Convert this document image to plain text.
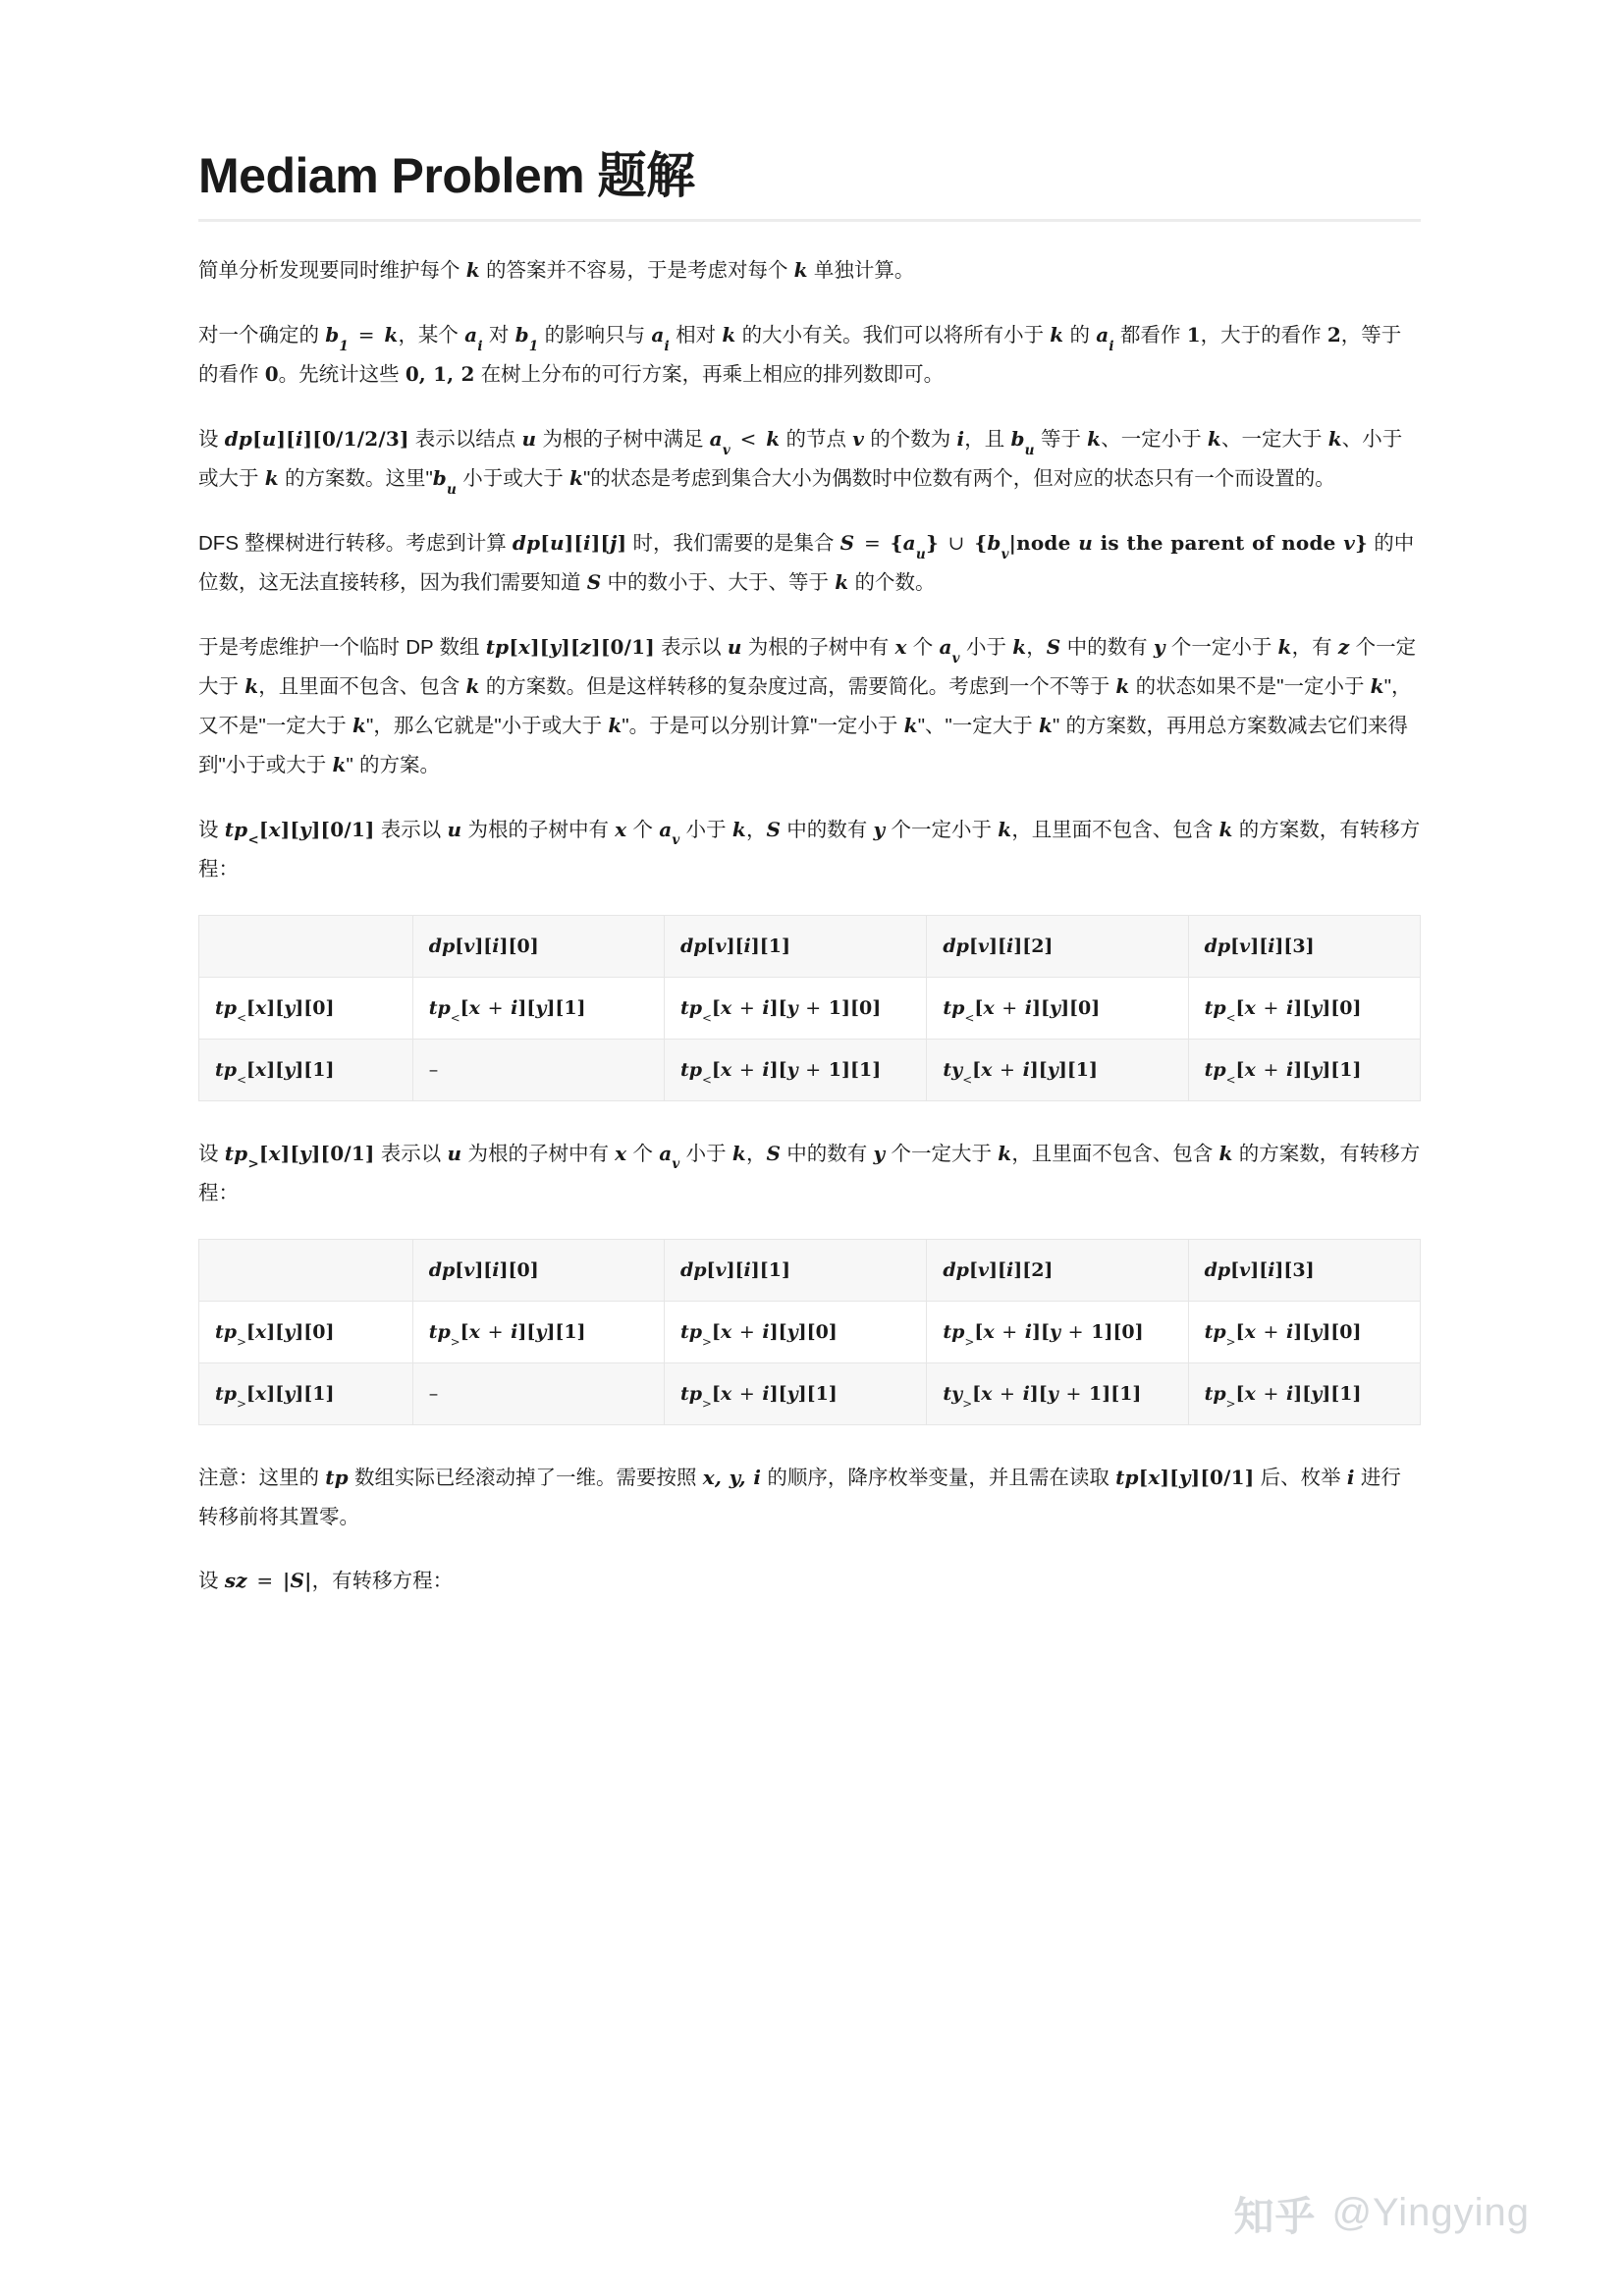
Mediam Problem 题解

简单分析发现要同时维护每个 k 的答案并不容易，于是考虑对每个 k 单独计算。

对一个确定的 $b_1 = k$，某个 $a_i$ 对 $b_1$ 的影响只与 $a_i$ 相对 k 的大小有关。我们可以将所有小于 k 的 $a_i$ 都看作 1，大于的看作 2，等于的看作 0。先统计这些 0, 1, 2 在树上分布的可行方案，再乘上相应的排列数即可。

设 dp[u][i][0/1/2/3] 表示以结点 u 为根的子树中满足 $a_v < k$ 的节点 v 的个数为 i，且 $b_u$ 等于 k、一定小于 k、一定大于 k、小于或大于 k 的方案数。这里"$b_u$ 小于或大于 k"的状态是考虑到集合大小为偶数时中位数有两个，但对应的状态只有一个而设置的。

DFS 整棵树进行转移。考虑到计算 dp[u][i][j] 时，我们需要的是集合 $S = \{a_u\}$ ∪ {$b_v|node$ u is the parent of node v} 的中位数，这无法直接转移，因为我们需要知道 S 中的数小于、大于、等于 k 的个数。

于是考虑维护一个临时 DP 数组 tp[x][y][z][0/1] 表示以 u 为根的子树中有 x 个 $a_v$ 小于 k，S 中的数有 y 个一定小于 k，有 z 个一定大于 k，且里面不包含、包含 k 的方案数。但是这样转移的复杂度过高，需要简化。考虑到一个不等于 k 的状态如果不是"一定小于 k"，又不是"一定大于 k"，那么它就是"小于或大于 k"。于是可以分别计算"一定小于 k"、"一定大于 k" 的方案数，再用总方案数减去它们来得到"小于或大于 k" 的方案。

设 $tp_<[x][y][0/1]$ 表示以 u 为根的子树中有 x 个 $a_v$ 小于 k，S 中的数有 y 个一定小于 k，且里面不包含、包含 k 的方案数，有转移方程：

	dp[v][i][0]	dp[v][i][1]	dp[v][i][2]	dp[v][i][3]
$tp_<[x][y][0]$	$tp_<[x + i][y][1]$	$tp_<[x + i][y + 1][0]$	$tp_<[x + i][y][0]$	$tp_<[x + i][y][0]$
$tp_<[x][y][1]$	–	$tp_<[x + i][y + 1][1]$	$ty_<[x + i][y][1]$	$tp_<[x + i][y][1]$

设 $tp_>[x][y][0/1]$ 表示以 u 为根的子树中有 x 个 $a_v$ 小于 k，S 中的数有 y 个一定大于 k，且里面不包含、包含 k 的方案数，有转移方程：

	dp[v][i][0]	dp[v][i][1]	dp[v][i][2]	dp[v][i][3]
$tp_>[x][y][0]$	$tp_>[x + i][y][1]$	$tp_>[x + i][y][0]$	$tp_>[x + i][y + 1][0]$	$tp_>[x + i][y][0]$
$tp_>[x][y][1]$	–	$tp_>[x + i][y][1]$	$ty_>[x + i][y + 1][1]$	$tp_>[x + i][y][1]$

注意：这里的 tp 数组实际已经滚动掉了一维。需要按照 x, y, i 的顺序，降序枚举变量，并且需在读取 tp[x][y][0/1] 后、枚举 i 进行转移前将其置零。

设 sz = |S|，有转移方程：

知乎 @Yingying
